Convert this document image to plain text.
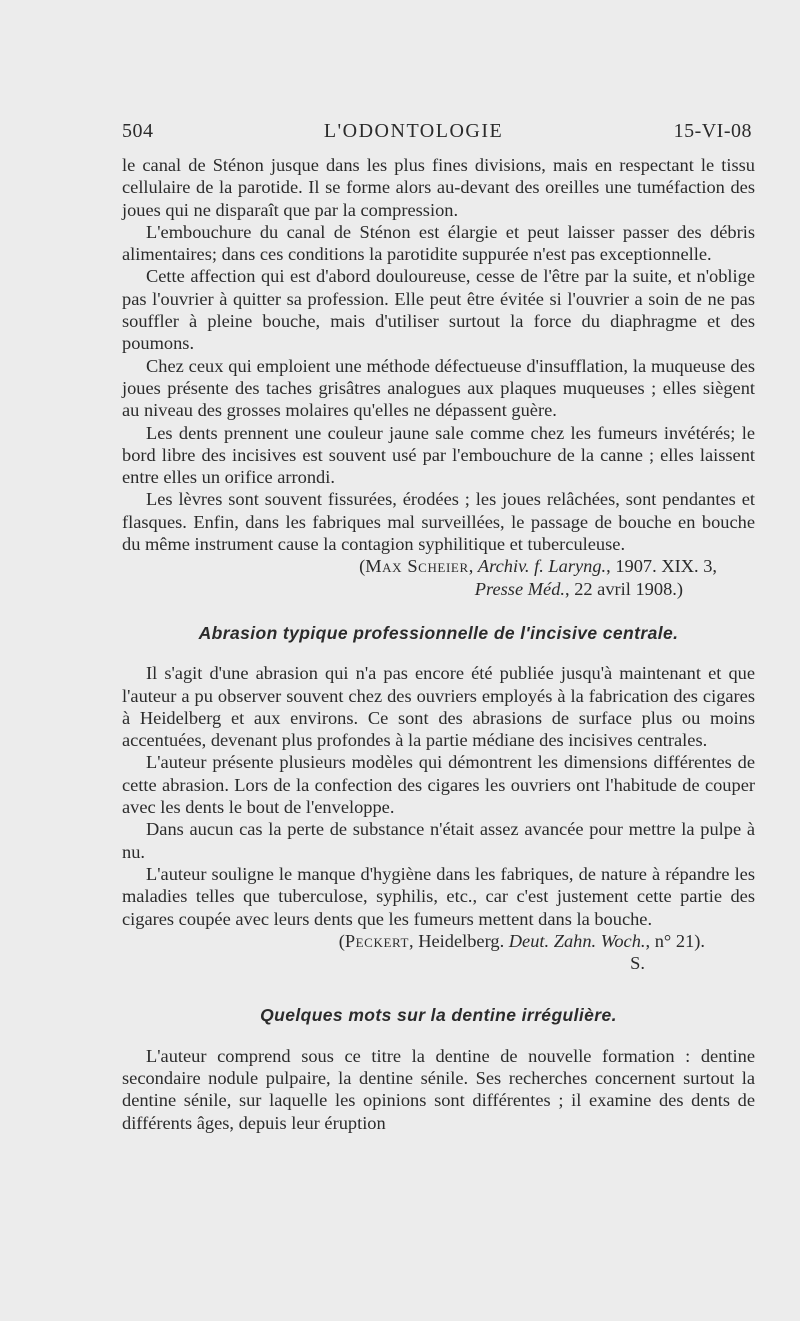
504	L'ODONTOLOGIE	15-VI-08

le canal de Sténon jusque dans les plus fines divisions, mais en respectant le tissu cellulaire de la parotide. Il se forme alors au-devant des oreilles une tuméfaction des joues qui ne disparaît que par la compression.

L'embouchure du canal de Sténon est élargie et peut laisser passer des débris alimentaires; dans ces conditions la parotidite suppurée n'est pas exceptionnelle.

Cette affection qui est d'abord douloureuse, cesse de l'être par la suite, et n'oblige pas l'ouvrier à quitter sa profession. Elle peut être évitée si l'ouvrier a soin de ne pas souffler à pleine bouche, mais d'utiliser surtout la force du diaphragme et des poumons.

Chez ceux qui emploient une méthode défectueuse d'insufflation, la muqueuse des joues présente des taches grisâtres analogues aux plaques muqueuses ; elles siègent au niveau des grosses molaires qu'elles ne dépassent guère.

Les dents prennent une couleur jaune sale comme chez les fumeurs invétérés; le bord libre des incisives est souvent usé par l'embouchure de la canne ; elles laissent entre elles un orifice arrondi.

Les lèvres sont souvent fissurées, érodées ; les joues relâchées, sont pendantes et flasques. Enfin, dans les fabriques mal surveillées, le passage de bouche en bouche du même instrument cause la contagion syphilitique et tuberculeuse.

(Max Scheier, Archiv. f. Laryng., 1907. XIX. 3,

Presse Méd., 22 avril 1908.)

Abrasion typique professionnelle de l'incisive centrale.

Il s'agit d'une abrasion qui n'a pas encore été publiée jusqu'à maintenant et que l'auteur a pu observer souvent chez des ouvriers employés à la fabrication des cigares à Heidelberg et aux environs. Ce sont des abrasions de surface plus ou moins accentuées, devenant plus profondes à la partie médiane des incisives centrales.

L'auteur présente plusieurs modèles qui démontrent les dimensions différentes de cette abrasion. Lors de la confection des cigares les ouvriers ont l'habitude de couper avec les dents le bout de l'enveloppe.

Dans aucun cas la perte de substance n'était assez avancée pour mettre la pulpe à nu.

L'auteur souligne le manque d'hygiène dans les fabriques, de nature à répandre les maladies telles que tuberculose, syphilis, etc., car c'est justement cette partie des cigares coupée avec leurs dents que les fumeurs mettent dans la bouche.

(Peckert, Heidelberg. Deut. Zahn. Woch., n° 21).

S.

Quelques mots sur la dentine irrégulière.

L'auteur comprend sous ce titre la dentine de nouvelle formation : dentine secondaire nodule pulpaire, la dentine sénile. Ses recherches concernent surtout la dentine sénile, sur laquelle les opinions sont différentes ; il examine des dents de différents âges, depuis leur éruption
